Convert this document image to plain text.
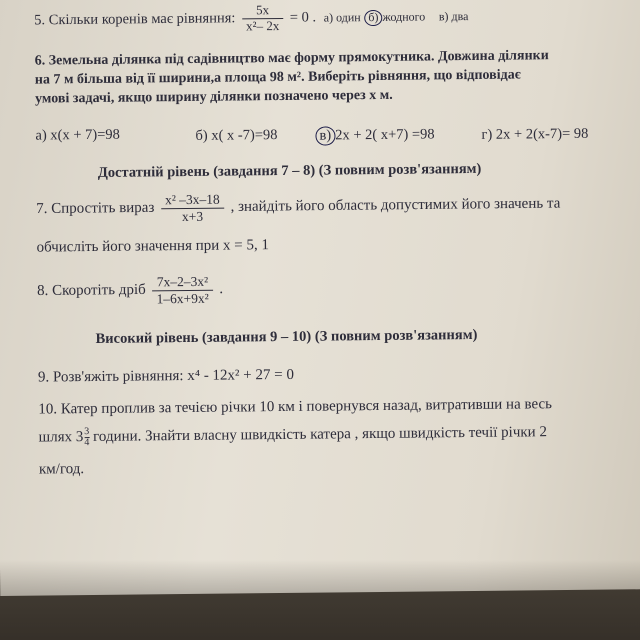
5. Скільки коренів має рівняння: $\frac{5x}{\text{x²– 2x}} = 0$ . а) один б) жодного в) два
6. Земельна ділянка під садівництво має форму прямокутника. Довжина ділянки
на 7 м більша від її ширини,а площа 98 м². Виберіть рівняння, що відповідає
умові задачі, якщо ширину ділянки позначено через х м.
а) х(х + 7)=98	б) х( х -7)=98	в) 2х + 2( х+7) =98	г) 2х + 2(х-7)= 98
Достатній рівень (завдання 7 – 8) (З повним розв'язанням)
7. Спростіть вираз $\frac{\text{x² –3x–18}}{x+3}$ , знайдіть його область допустимих його значень та
обчисліть його значення при х = 5, 1
8. Скоротіть дріб $\frac{\text{7x–2–3x²}}{\text{1–6x+9x²}}$ .
Високий рівень (завдання 9 – 10) (З повним розв'язанням)
9. Розв'яжіть рівняння: х⁴ - 12х² + 27 = 0
10. Катер проплив за течією річки 10 км і повернувся назад, витративши на весь
шлях $3 \frac{3}{4}$ години. Знайти власну швидкість катера , якщо швидкість течії річки 2
км/год.
